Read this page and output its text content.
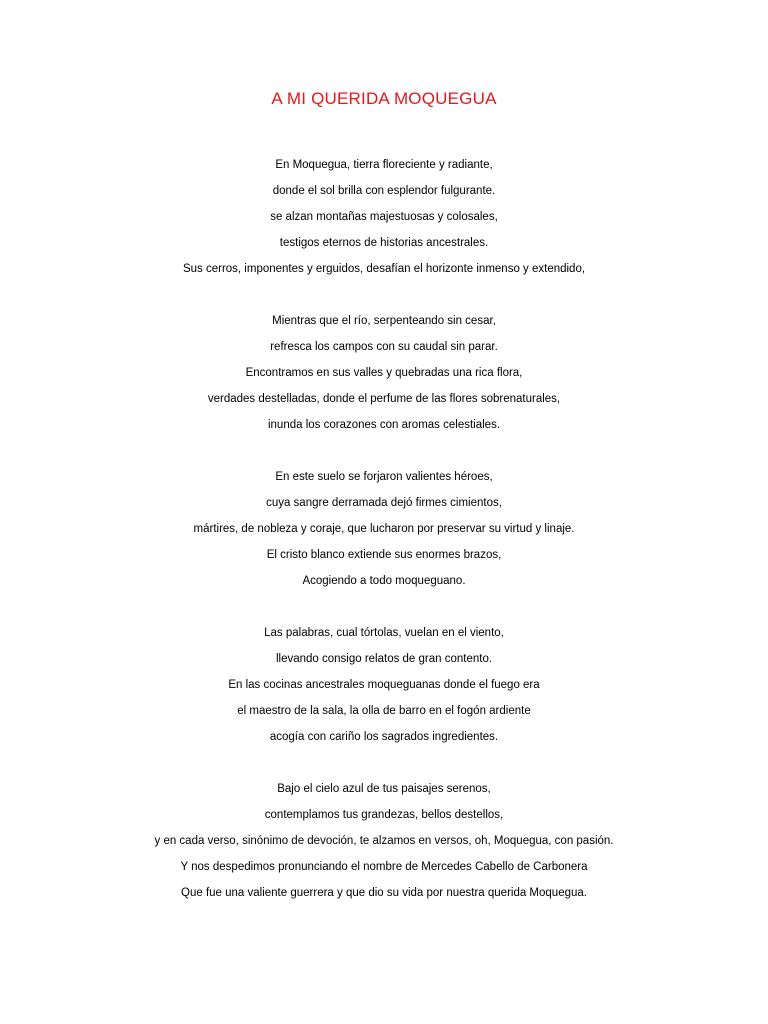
A MI QUERIDA MOQUEGUA
En Moquegua, tierra floreciente y radiante,
donde el sol brilla con esplendor fulgurante.
se alzan montañas majestuosas y colosales,
testigos eternos de historias ancestrales.
Sus cerros, imponentes y erguidos, desafían el horizonte inmenso y extendido,
Mientras que el río, serpenteando sin cesar,
refresca los campos con su caudal sin parar.
Encontramos en sus valles y quebradas una rica flora,
verdades destelladas, donde el perfume de las flores sobrenaturales,
inunda los corazones con aromas celestiales.
En este suelo se forjaron valientes héroes,
cuya sangre derramada dejó firmes cimientos,
mártires, de nobleza y coraje, que lucharon por preservar su virtud y linaje.
El cristo blanco extiende sus enormes brazos,
Acogiendo a todo moqueguano.
Las palabras, cual tórtolas, vuelan en el viento,
llevando consigo relatos de gran contento.
En las cocinas ancestrales moqueguanas donde el fuego era
el maestro de la sala, la olla de barro en el fogón ardiente
acogía con cariño los sagrados ingredientes.
Bajo el cielo azul de tus paisajes serenos,
contemplamos tus grandezas, bellos destellos,
y en cada verso, sinónimo de devoción, te alzamos en versos, oh, Moquegua, con pasión.
Y nos despedimos pronunciando el nombre de Mercedes Cabello de Carbonera
Que fue una valiente guerrera y que dio su vida por nuestra querida Moquegua.
